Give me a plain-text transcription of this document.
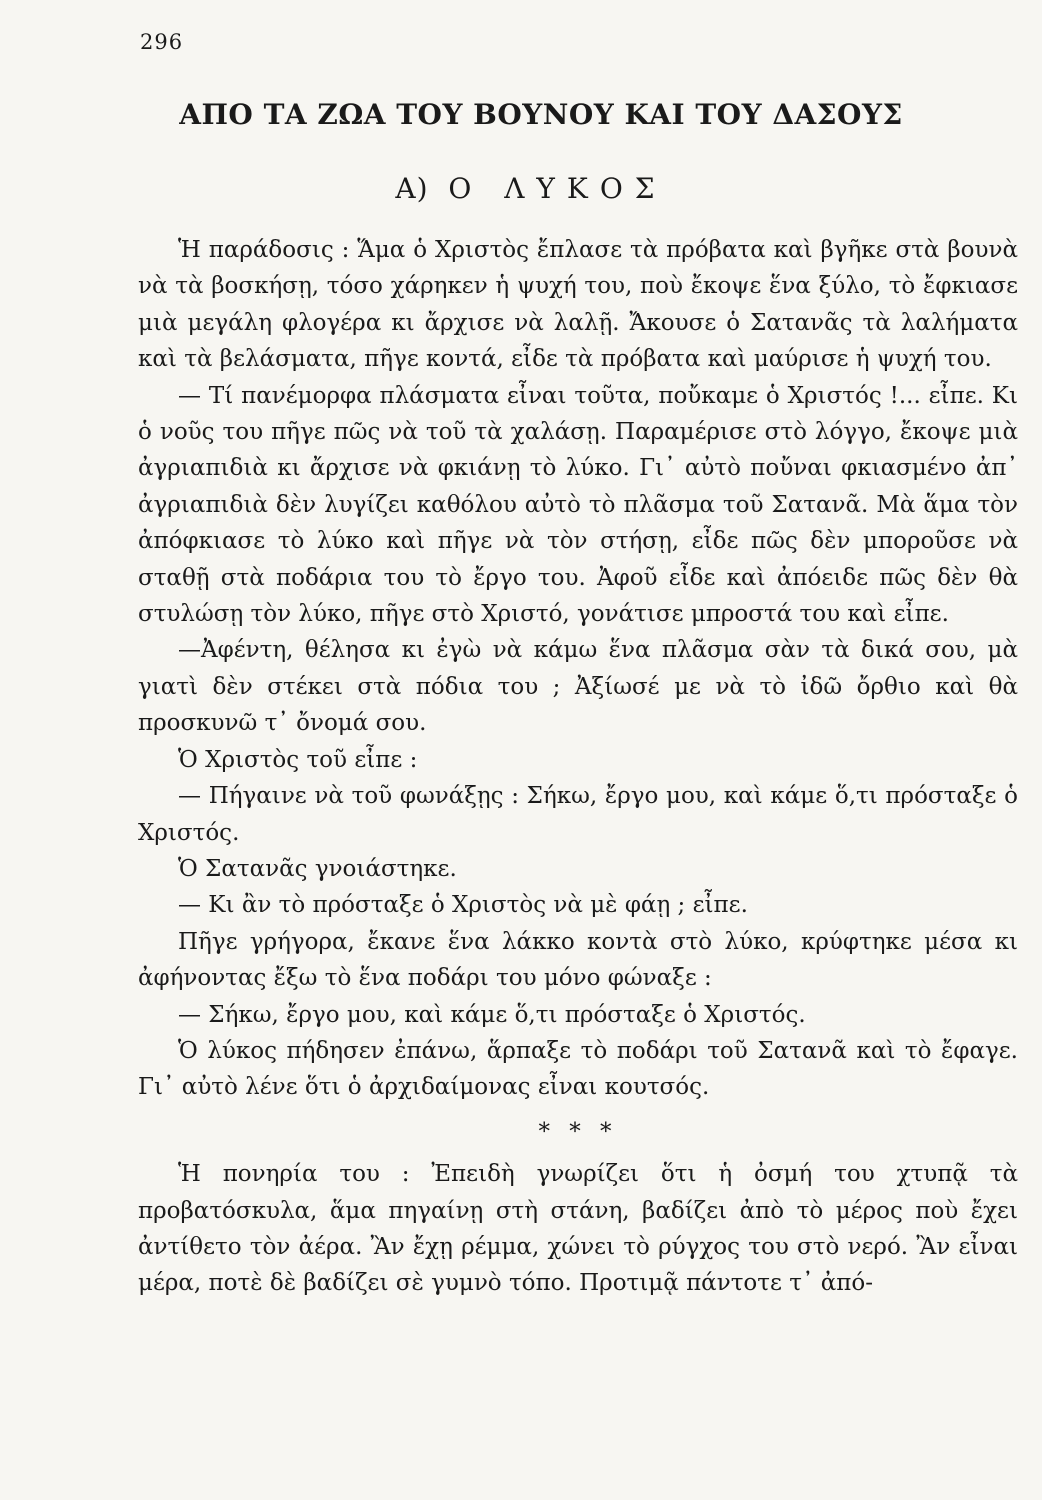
296
ΑΠΟ ΤΑ ΖΩΑ ΤΟΥ ΒΟΥΝΟΥ ΚΑΙ ΤΟΥ ΔΑΣΟΥΣ
Α) Ο ΛΥΚΟΣ

Ἡ παράδοσις : Ἅμα ὁ Χριστὸς ἔπλασε τὰ πρόβατα καὶ βγῆκε στὰ βουνὰ νὰ τὰ βοσκήσῃ, τόσο χάρηκεν ἡ ψυχή του, ποὺ ἔκοψε ἕνα ξύλο, τὸ ἔφκιασε μιὰ μεγάλη φλογέρα κι ἄρχισε νὰ λαλῇ. Ἄκουσε ὁ Σατανᾶς τὰ λαλήματα καὶ τὰ βελάσματα, πῆγε κοντά, εἶδε τὰ πρόβατα καὶ μαύρισε ἡ ψυχή του.

— Τί πανέμορφα πλάσματα εἶναι τοῦτα, ποὔκαμε ὁ Χριστός !... εἶπε. Κι ὁ νοῦς του πῆγε πῶς νὰ τοῦ τὰ χαλάσῃ. Παραμέρισε στὸ λόγγο, ἔκοψε μιὰ ἀγριαπιδιὰ κι ἄρχισε νὰ φκιάνῃ τὸ λύκο. Γι᾽ αὐτὸ ποὔναι φκιασμένο ἀπ᾽ ἀγριαπιδιὰ δὲν λυγίζει καθόλου αὐτὸ τὸ πλᾶσμα τοῦ Σατανᾶ. Μὰ ἅμα τὸν ἀπόφκιασε τὸ λύκο καὶ πῆγε νὰ τὸν στήσῃ, εἶδε πῶς δὲν μποροῦσε νὰ σταθῇ στὰ ποδάρια του τὸ ἔργο του. Ἀφοῦ εἶδε καὶ ἀπόειδε πῶς δὲν θὰ στυλώσῃ τὸν λύκο, πῆγε στὸ Χριστό, γονάτισε μπροστά του καὶ εἶπε.

—Ἀφέντη, θέλησα κι ἐγὼ νὰ κάμω ἕνα πλᾶσμα σὰν τὰ δικά σου, μὰ γιατὶ δὲν στέκει στὰ πόδια του ; Ἀξίωσέ με νὰ τὸ ἰδῶ ὄρθιο καὶ θὰ προσκυνῶ τ᾽ ὄνομά σου.

Ὁ Χριστὸς τοῦ εἶπε :

— Πήγαινε νὰ τοῦ φωνάξῃς : Σήκω, ἔργο μου, καὶ κάμε ὅ,τι πρόσταξε ὁ Χριστός.

Ὁ Σατανᾶς γνοιάστηκε.

— Κι ἂν τὸ πρόσταξε ὁ Χριστὸς νὰ μὲ φάῃ ; εἶπε.

Πῆγε γρήγορα, ἔκανε ἕνα λάκκο κοντὰ στὸ λύκο, κρύφτηκε μέσα κι ἀφήνοντας ἔξω τὸ ἕνα ποδάρι του μόνο φώναξε :

— Σήκω, ἔργο μου, καὶ κάμε ὅ,τι πρόσταξε ὁ Χριστός.

Ὁ λύκος πήδησεν ἐπάνω, ἅρπαξε τὸ ποδάρι τοῦ Σατανᾶ καὶ τὸ ἔφαγε. Γι᾽ αὐτὸ λένε ὅτι ὁ ἀρχιδαίμονας εἶναι κουτσός.

* * *

Ἡ πονηρία του : Ἐπειδὴ γνωρίζει ὅτι ἡ ὀσμή του χτυπᾷ τὰ προβατόσκυλα, ἅμα πηγαίνῃ στὴ στάνη, βαδίζει ἀπὸ τὸ μέρος ποὺ ἔχει ἀντίθετο τὸν ἀέρα. Ἂν ἔχῃ ρέμμα, χώνει τὸ ρύγχος του στὸ νερό. Ἂν εἶναι μέρα, ποτὲ δὲ βαδίζει σὲ γυμνὸ τόπο. Προτιμᾷ πάντοτε τ᾽ ἀπό-
